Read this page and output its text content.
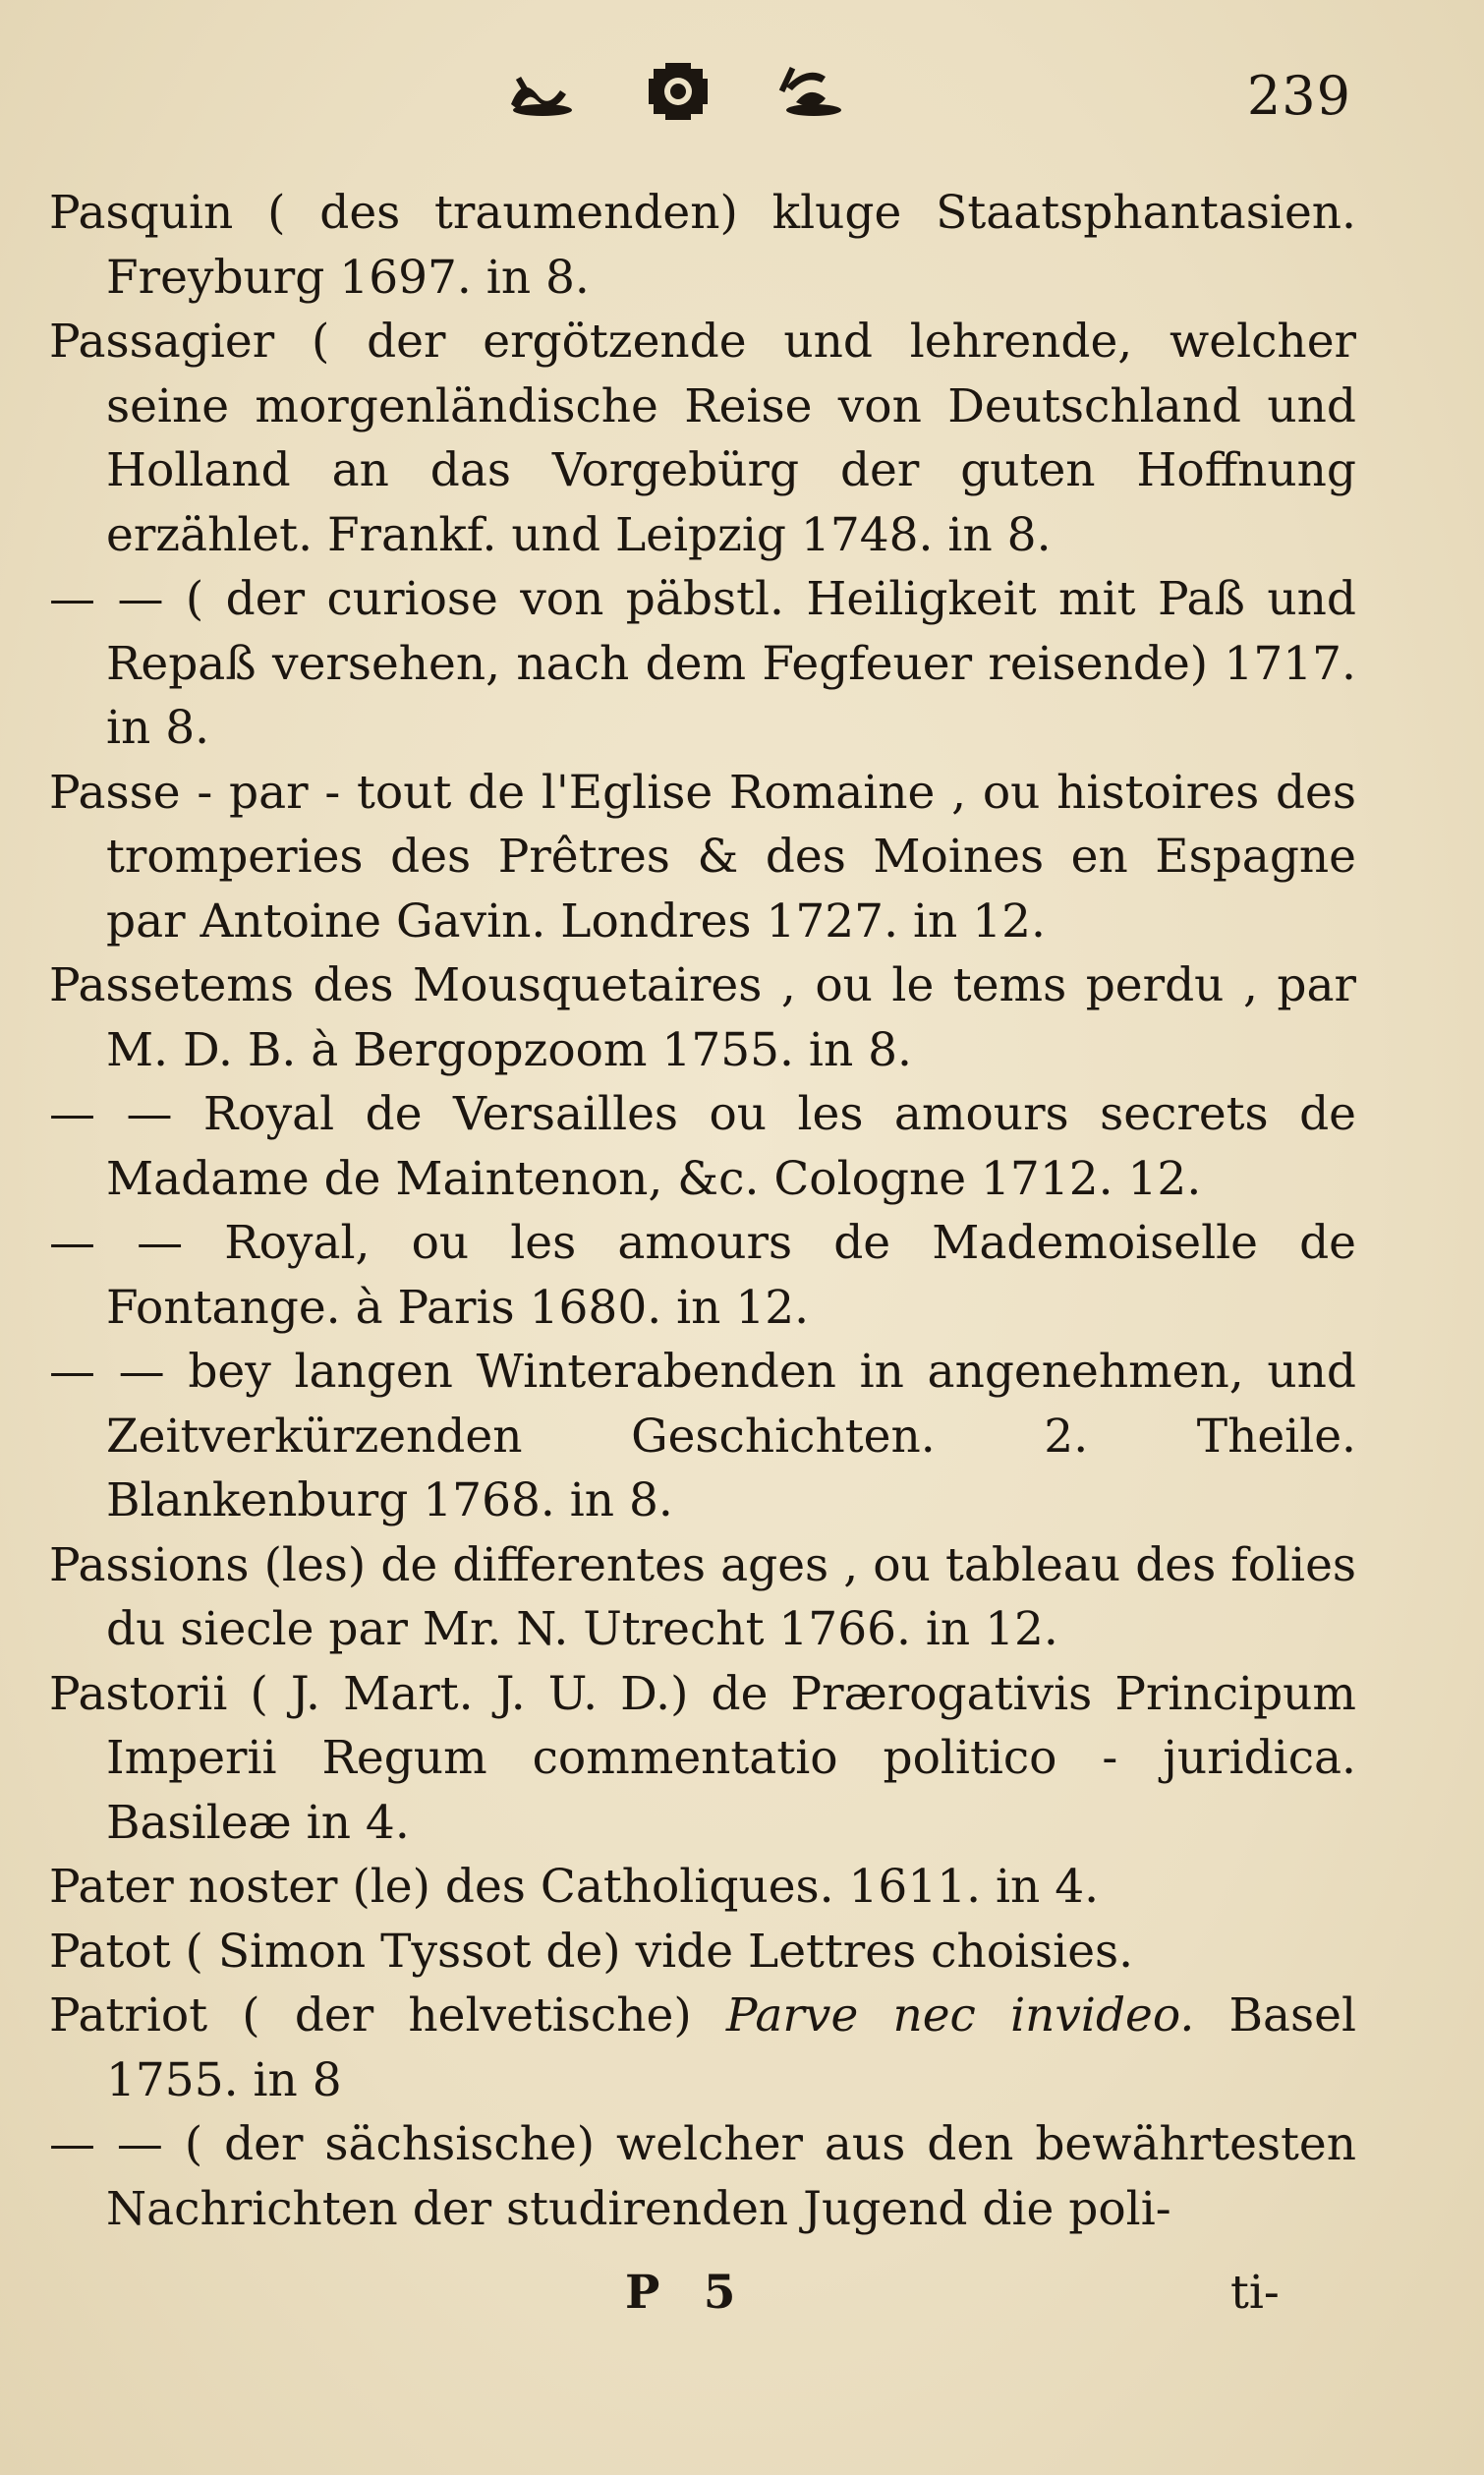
239

Pasquin ( des traumenden) kluge Staatsphantasien. Freyburg 1697. in 8.

Passagier ( der ergötzende und lehrende, welcher seine morgenländische Reise von Deutschland und Holland an das Vorgebürg der guten Hoffnung erzählet. Frankf. und Leipzig 1748. in 8.

— — ( der curiose von päbstl. Heiligkeit mit Paß und Repaß versehen, nach dem Fegfeuer reisende) 1717. in 8.

Passe - par - tout de l'Eglise Romaine , ou histoires des tromperies des Prêtres & des Moines en Espagne par Antoine Gavin. Londres 1727. in 12.

Passetems des Mousquetaires , ou le tems perdu , par M. D. B. à Bergopzoom 1755. in 8.

— — Royal de Versailles ou les amours secrets de Madame de Maintenon, &c. Cologne 1712. 12.

— — Royal, ou les amours de Mademoiselle de Fontange. à Paris 1680. in 12.

— — bey langen Winterabenden in angenehmen, und Zeitverkürzenden Geschichten. 2. Theile. Blankenburg 1768. in 8.

Passions (les) de differentes ages , ou tableau des folies du siecle par Mr. N. Utrecht 1766. in 12.

Pastorii ( J. Mart. J. U. D.) de Prærogativis Principum Imperii Regum commentatio politico - juridica. Basileæ in 4.

Pater noster (le) des Catholiques. 1611. in 4.

Patot ( Simon Tyssot de) vide Lettres choisies.

Patriot ( der helvetische) Parve nec invideo. Basel 1755. in 8

— — ( der sächsische) welcher aus den bewährtesten Nachrichten der studirenden Jugend die poli-

P 5	ti-
